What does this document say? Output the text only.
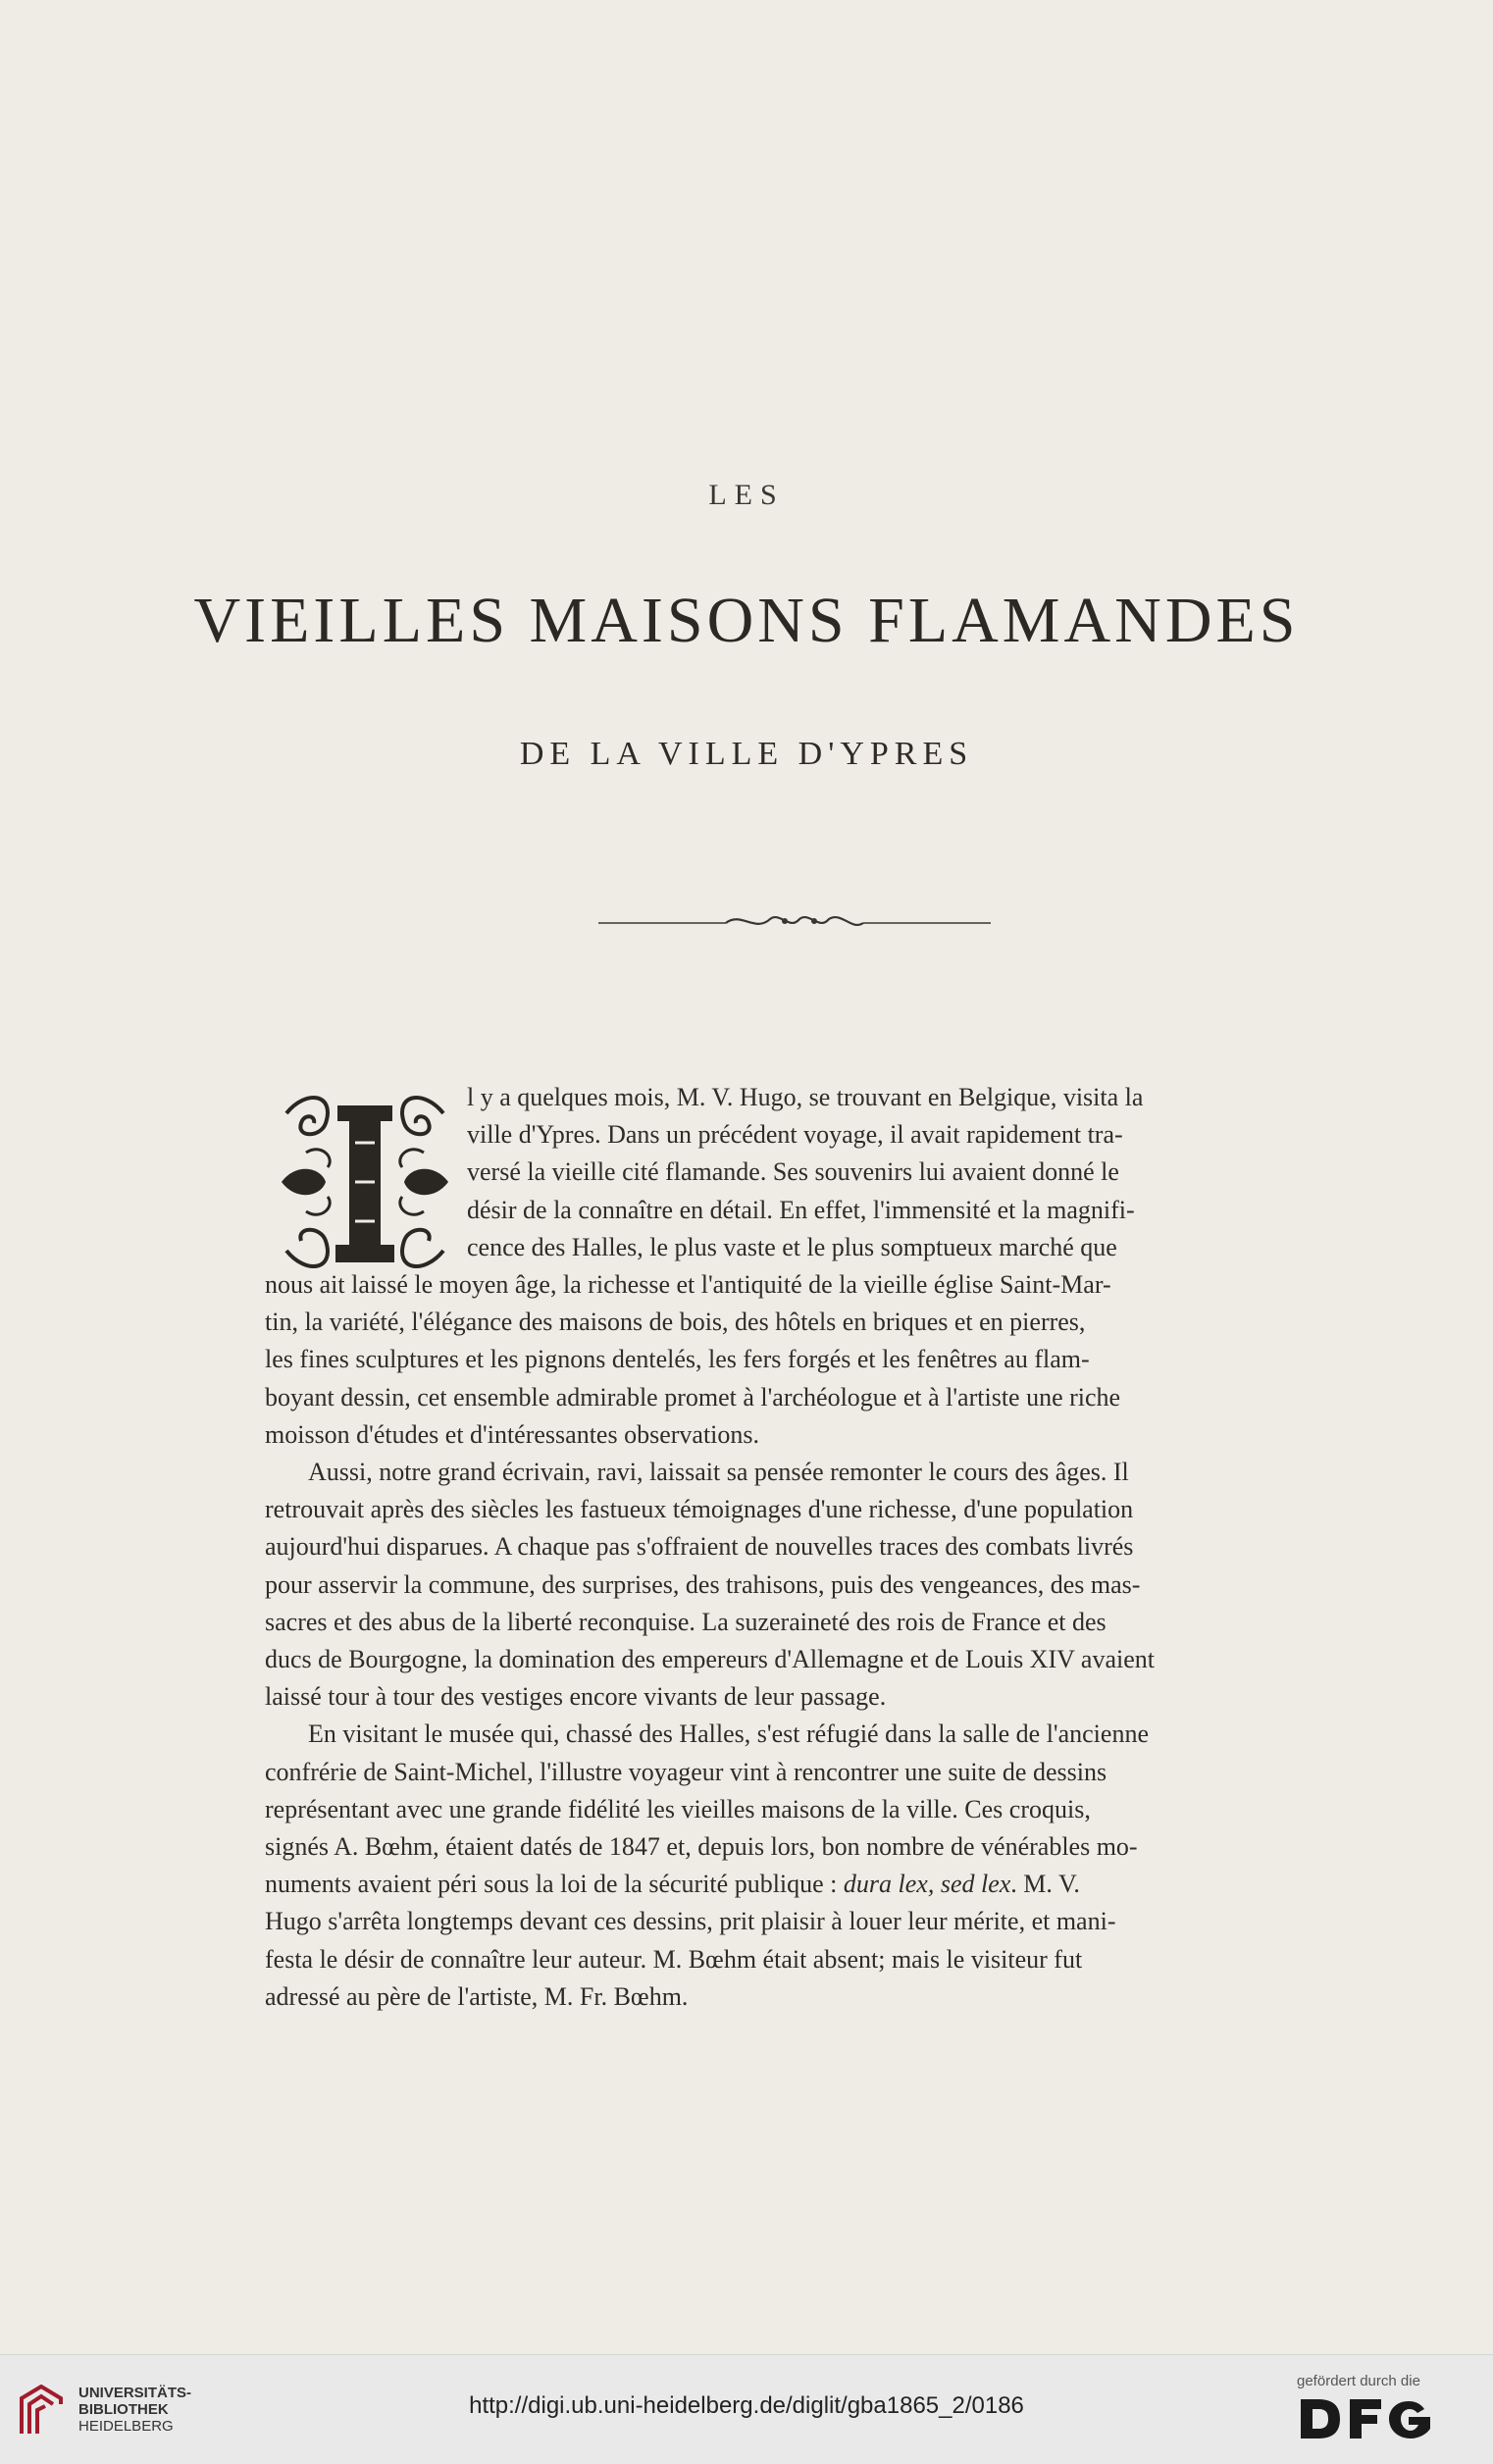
LES
VIEILLES MAISONS FLAMANDES
DE LA VILLE D'YPRES
l y a quelques mois, M. V. Hugo, se trouvant en Belgique, visita la
ville d'Ypres. Dans un précédent voyage, il avait rapidement tra-
versé la vieille cité flamande. Ses souvenirs lui avaient donné le
désir de la connaître en détail. En effet, l'immensité et la magnifi-
cence des Halles, le plus vaste et le plus somptueux marché que
nous ait laissé le moyen âge, la richesse et l'antiquité de la vieille église Saint-Mar-
tin, la variété, l'élégance des maisons de bois, des hôtels en briques et en pierres,
les fines sculptures et les pignons dentelés, les fers forgés et les fenêtres au flam-
boyant dessin, cet ensemble admirable promet à l'archéologue et à l'artiste une riche
moisson d'études et d'intéressantes observations.
Aussi, notre grand écrivain, ravi, laissait sa pensée remonter le cours des âges. Il
retrouvait après des siècles les fastueux témoignages d'une richesse, d'une population
aujourd'hui disparues. A chaque pas s'offraient de nouvelles traces des combats livrés
pour asservir la commune, des surprises, des trahisons, puis des vengeances, des mas-
sacres et des abus de la liberté reconquise. La suzeraineté des rois de France et des
ducs de Bourgogne, la domination des empereurs d'Allemagne et de Louis XIV avaient
laissé tour à tour des vestiges encore vivants de leur passage.
En visitant le musée qui, chassé des Halles, s'est réfugié dans la salle de l'ancienne
confrérie de Saint-Michel, l'illustre voyageur vint à rencontrer une suite de dessins
représentant avec une grande fidélité les vieilles maisons de la ville. Ces croquis,
signés A. Bœhm, étaient datés de 1847 et, depuis lors, bon nombre de vénérables mo-
numents avaient péri sous la loi de la sécurité publique : dura lex, sed lex. M. V.
Hugo s'arrêta longtemps devant ces dessins, prit plaisir à louer leur mérite, et mani-
festa le désir de connaître leur auteur. M. Bœhm était absent; mais le visiteur fut
adressé au père de l'artiste, M. Fr. Bœhm.
UNIVERSITÄTS-
BIBLIOTHEK
HEIDELBERG
http://digi.ub.uni-heidelberg.de/diglit/gba1865_2/0186
gefördert durch die
